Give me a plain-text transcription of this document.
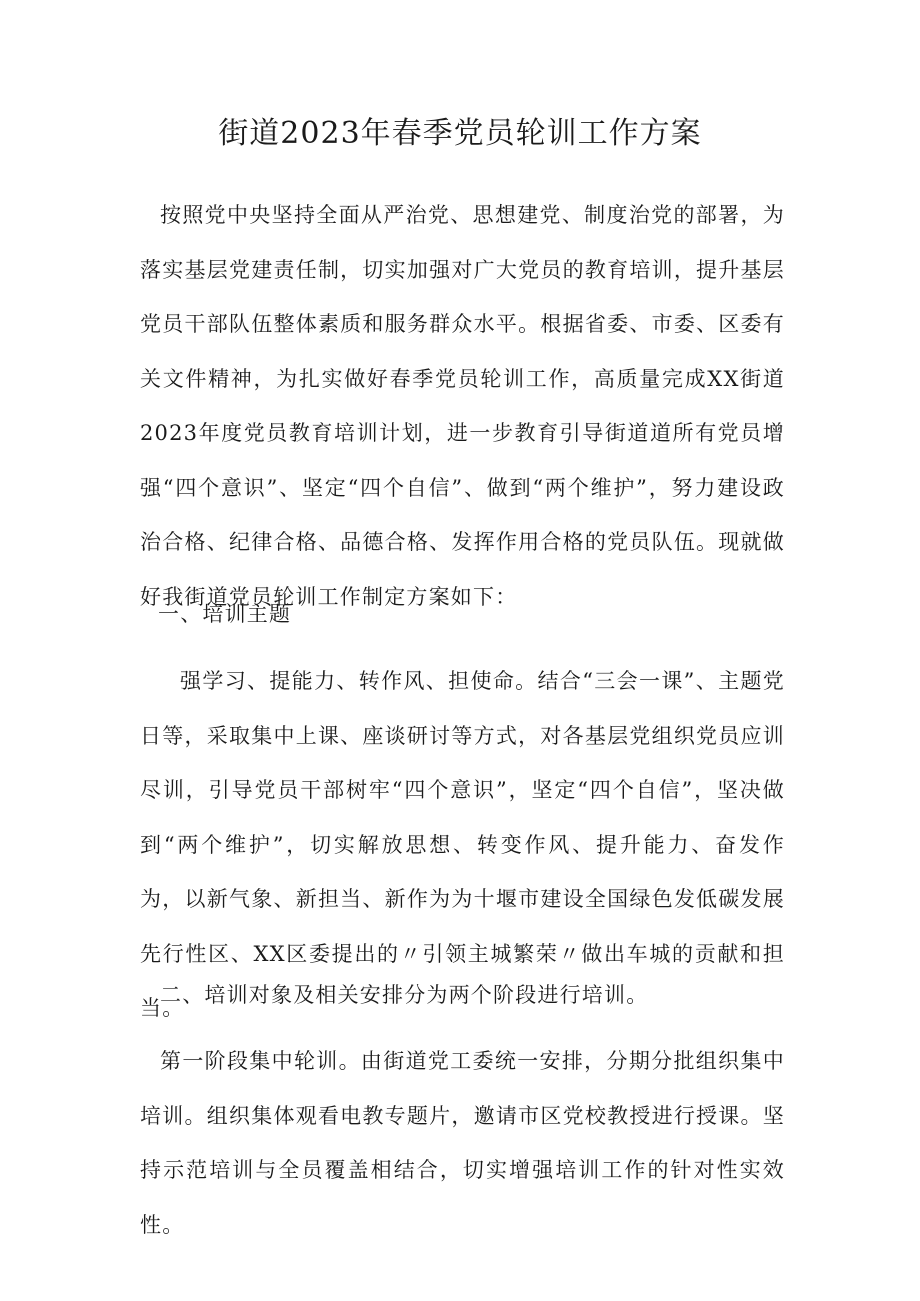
街道2023年春季党员轮训工作方案

按照党中央坚持全面从严治党、思想建党、制度治党的部署，为落实基层党建责任制，切实加强对广大党员的教育培训，提升基层党员干部队伍整体素质和服务群众水平。根据省委、市委、区委有关文件精神，为扎实做好春季党员轮训工作，高质量完成XX街道2023年度党员教育培训计划，进一步教育引导街道道所有党员增强“四个意识”、坚定“四个自信”、做到“两个维护”，努力建设政治合格、纪律合格、品德合格、发挥作用合格的党员队伍。现就做好我街道党员轮训工作制定方案如下：

一、培训主题

强学习、提能力、转作风、担使命。结合“三会一课”、主题党日等，采取集中上课、座谈研讨等方式，对各基层党组织党员应训尽训，引导党员干部树牢“四个意识”，坚定“四个自信”，坚决做到“两个维护”，切实解放思想、转变作风、提升能力、奋发作为，以新气象、新担当、新作为为十堰市建设全国绿色发低碳发展先行性区、XX区委提出的〃引领主城繁荣〃做出车城的贡献和担当。

二、培训对象及相关安排分为两个阶段进行培训。

第一阶段集中轮训。由街道党工委统一安排，分期分批组织集中培训。组织集体观看电教专题片，邀请市区党校教授进行授课。坚持示范培训与全员覆盖相结合，切实增强培训工作的针对性实效性。
